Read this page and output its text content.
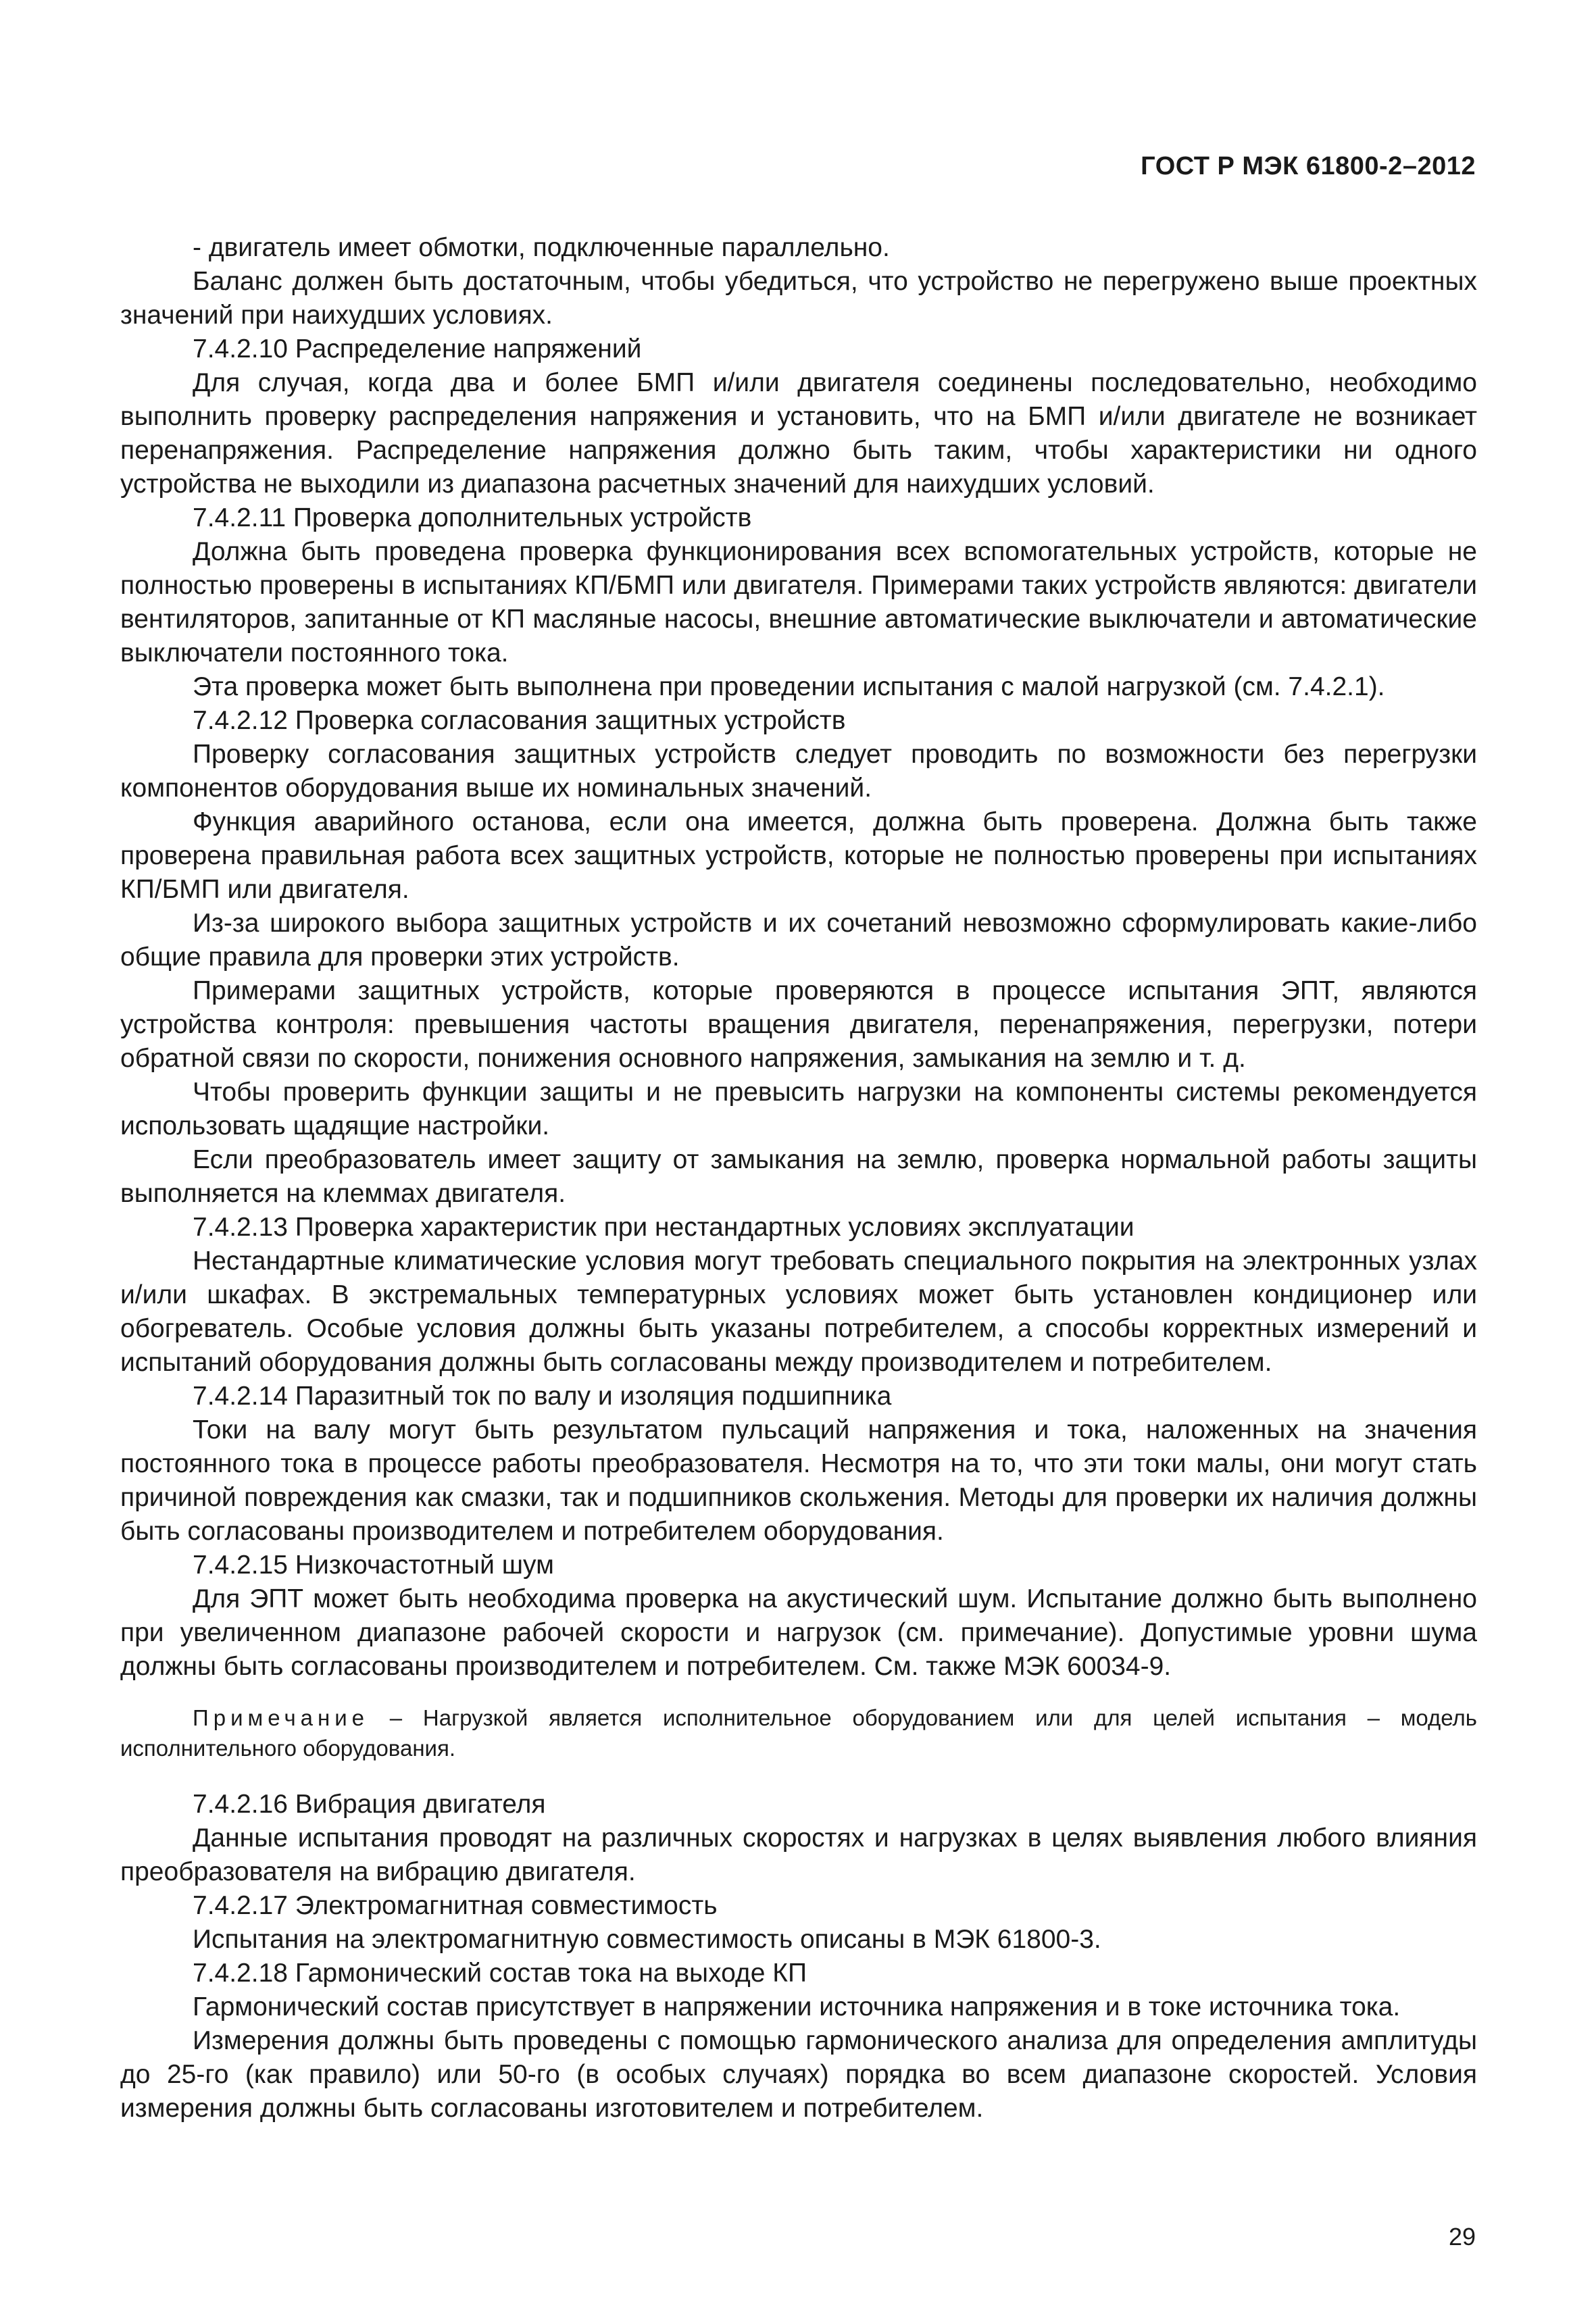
ГОСТ Р МЭК 61800-2–2012

- двигатель имеет обмотки, подключенные параллельно.

Баланс должен быть достаточным, чтобы убедиться, что устройство не перегружено выше проектных значений при наихудших условиях.

7.4.2.10 Распределение напряжений

Для случая, когда два и более БМП и/или двигателя соединены последовательно, необходимо выполнить проверку распределения напряжения и установить, что на БМП и/или двигателе не возникает перенапряжения. Распределение напряжения должно быть таким, чтобы характеристики ни одного устройства не выходили из диапазона расчетных значений для наихудших условий.

7.4.2.11 Проверка дополнительных устройств

Должна быть проведена проверка функционирования всех вспомогательных устройств, которые не полностью проверены в испытаниях КП/БМП или двигателя. Примерами таких устройств являются: двигатели вентиляторов, запитанные от КП масляные насосы, внешние автоматические выключатели и автоматические выключатели постоянного тока.

Эта проверка может быть выполнена при проведении испытания с малой нагрузкой (см. 7.4.2.1).

7.4.2.12 Проверка согласования защитных устройств

Проверку согласования защитных устройств следует проводить по возможности без перегрузки компонентов оборудования выше их номинальных значений.

Функция аварийного останова, если она имеется, должна быть проверена. Должна быть также проверена правильная работа всех защитных устройств, которые не полностью проверены при испытаниях КП/БМП или двигателя.

Из-за широкого выбора защитных устройств и их сочетаний невозможно сформулировать какие-либо общие правила для проверки этих устройств.

Примерами защитных устройств, которые проверяются в процессе испытания ЭПТ, являются устройства контроля: превышения частоты вращения двигателя, перенапряжения, перегрузки, потери обратной связи по скорости, понижения основного напряжения, замыкания на землю и т. д.

Чтобы проверить функции защиты и не превысить нагрузки на компоненты системы рекомендуется использовать щадящие настройки.

Если преобразователь имеет защиту от замыкания на землю, проверка нормальной работы защиты выполняется на клеммах двигателя.

7.4.2.13 Проверка характеристик при нестандартных условиях эксплуатации

Нестандартные климатические условия могут требовать специального покрытия на электронных узлах и/или шкафах. В экстремальных температурных условиях может быть установлен кондиционер или обогреватель. Особые условия должны быть указаны потребителем, а способы корректных измерений и испытаний оборудования должны быть согласованы между производителем и потребителем.

7.4.2.14 Паразитный ток по валу и изоляция подшипника

Токи на валу могут быть результатом пульсаций напряжения и тока, наложенных на значения постоянного тока в процессе работы преобразователя. Несмотря на то, что эти токи малы, они могут стать причиной повреждения как смазки, так и подшипников скольжения. Методы для проверки их наличия должны быть согласованы производителем и потребителем оборудования.

7.4.2.15 Низкочастотный шум

Для ЭПТ может быть необходима проверка на акустический шум. Испытание должно быть выполнено при увеличенном диапазоне рабочей скорости и нагрузок (см. примечание). Допустимые уровни шума должны быть согласованы производителем и потребителем. См. также МЭК 60034-9.

Примечание – Нагрузкой является исполнительное оборудованием или для целей испытания – модель исполнительного оборудования.

7.4.2.16 Вибрация двигателя

Данные испытания проводят на различных скоростях и нагрузках в целях выявления любого влияния преобразователя на вибрацию двигателя.

7.4.2.17 Электромагнитная совместимость

Испытания на электромагнитную совместимость описаны в МЭК 61800-3.

7.4.2.18 Гармонический состав тока на выходе КП

Гармонический состав присутствует в напряжении источника напряжения и в токе источника тока.

Измерения должны быть проведены с помощью гармонического анализа для определения амплитуды до 25-го (как правило) или 50-го (в особых случаях) порядка во всем диапазоне скоростей. Условия измерения должны быть согласованы изготовителем и потребителем.

29
